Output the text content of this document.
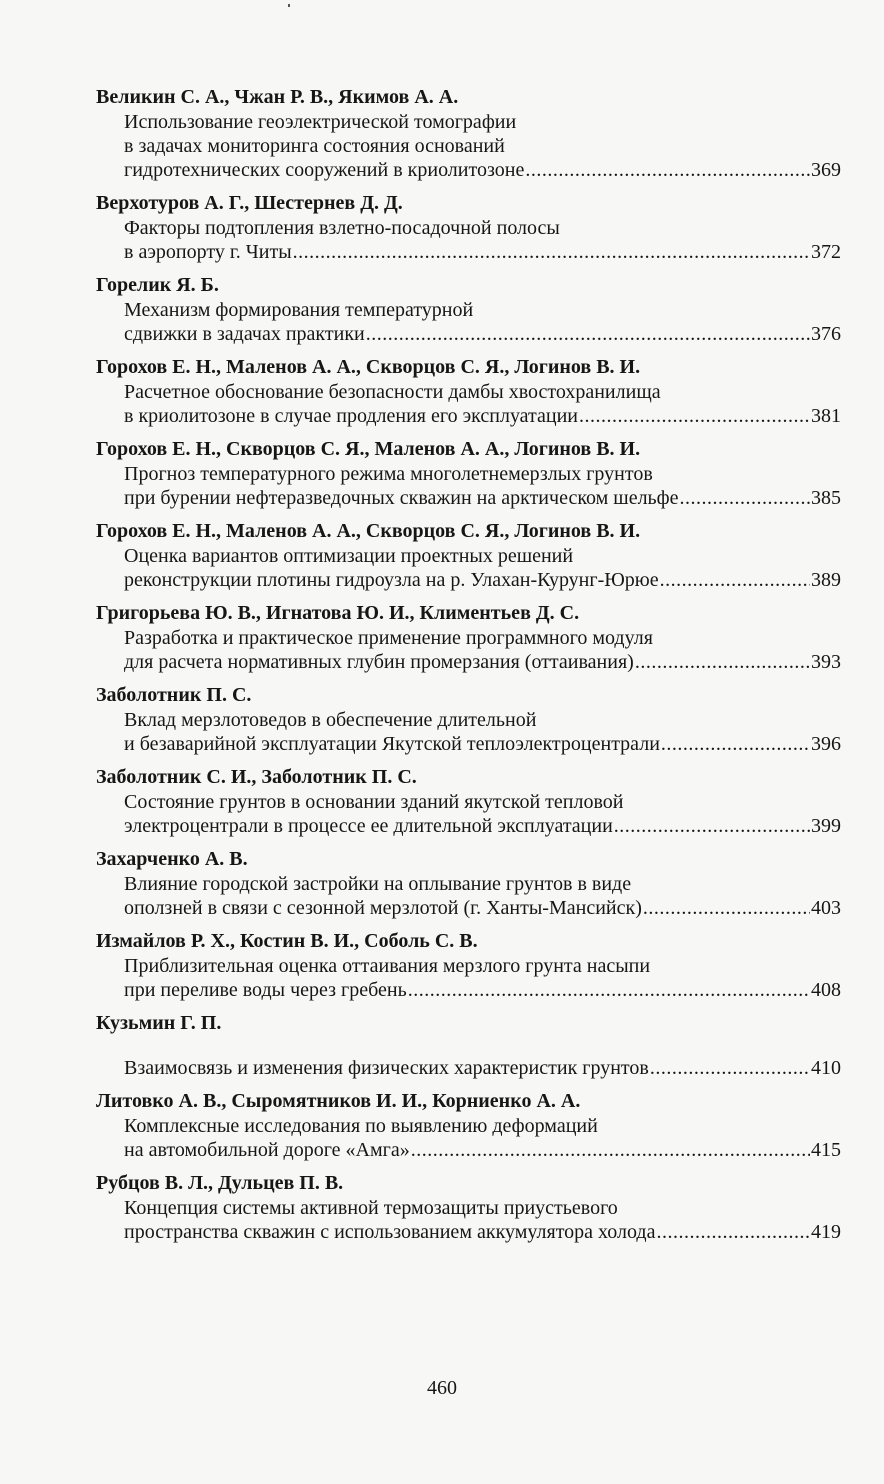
Великин С. А., Чжан Р. В., Якимов А. А.
Использование геоэлектрической томографии
в задачах мониторинга состояния оснований
гидротехнических сооружений в криолитозоне .....	369
Верхотуров А. Г., Шестернев Д. Д.
Факторы подтопления взлетно-посадочной полосы
в аэропорту г. Читы .....	372
Горелик Я. Б.
Механизм формирования температурной
сдвижки в задачах практики .....	376
Горохов Е. Н., Маленов А. А., Скворцов С. Я., Логинов В. И.
Расчетное обоснование безопасности дамбы хвостохранилища
в криолитозоне в случае продления его эксплуатации .....	381
Горохов Е. Н., Скворцов С. Я., Маленов А. А., Логинов В. И.
Прогноз температурного режима многолетнемерзлых грунтов
при бурении нефтеразведочных скважин на арктическом шельфе .....	385
Горохов Е. Н., Маленов А. А., Скворцов С. Я., Логинов В. И.
Оценка вариантов оптимизации проектных решений
реконструкции плотины гидроузла на р. Улахан-Курунг-Юрюе .....	389
Григорьева Ю. В., Игнатова Ю. И., Климентьев Д. С.
Разработка и практическое применение программного модуля
для расчета нормативных глубин промерзания (оттаивания) .....	393
Заболотник П. С.
Вклад мерзлотоведов в обеспечение длительной
и безаварийной эксплуатации Якутской теплоэлектроцентрали .....	396
Заболотник С. И., Заболотник П. С.
Состояние грунтов в основании зданий якутской тепловой
электроцентрали в процессе ее длительной эксплуатации .....	399
Захарченко А. В.
Влияние городской застройки на оплывание грунтов в виде
оползней в связи с сезонной мерзлотой (г. Ханты-Мансийск) .....	403
Измайлов Р. Х., Костин В. И., Соболь С. В.
Приблизительная оценка оттаивания мерзлого грунта насыпи
при переливе воды через гребень .....	408
Кузьмин Г. П.
Взаимосвязь и изменения физических характеристик грунтов .....	410
Литовко А. В., Сыромятников И. И., Корниенко А. А.
Комплексные исследования по выявлению деформаций
на автомобильной дороге «Амга» .....	415
Рубцов В. Л., Дульцев П. В.
Концепция системы активной термозащиты приустьевого
пространства скважин с использованием аккумулятора холода .....	419
460
